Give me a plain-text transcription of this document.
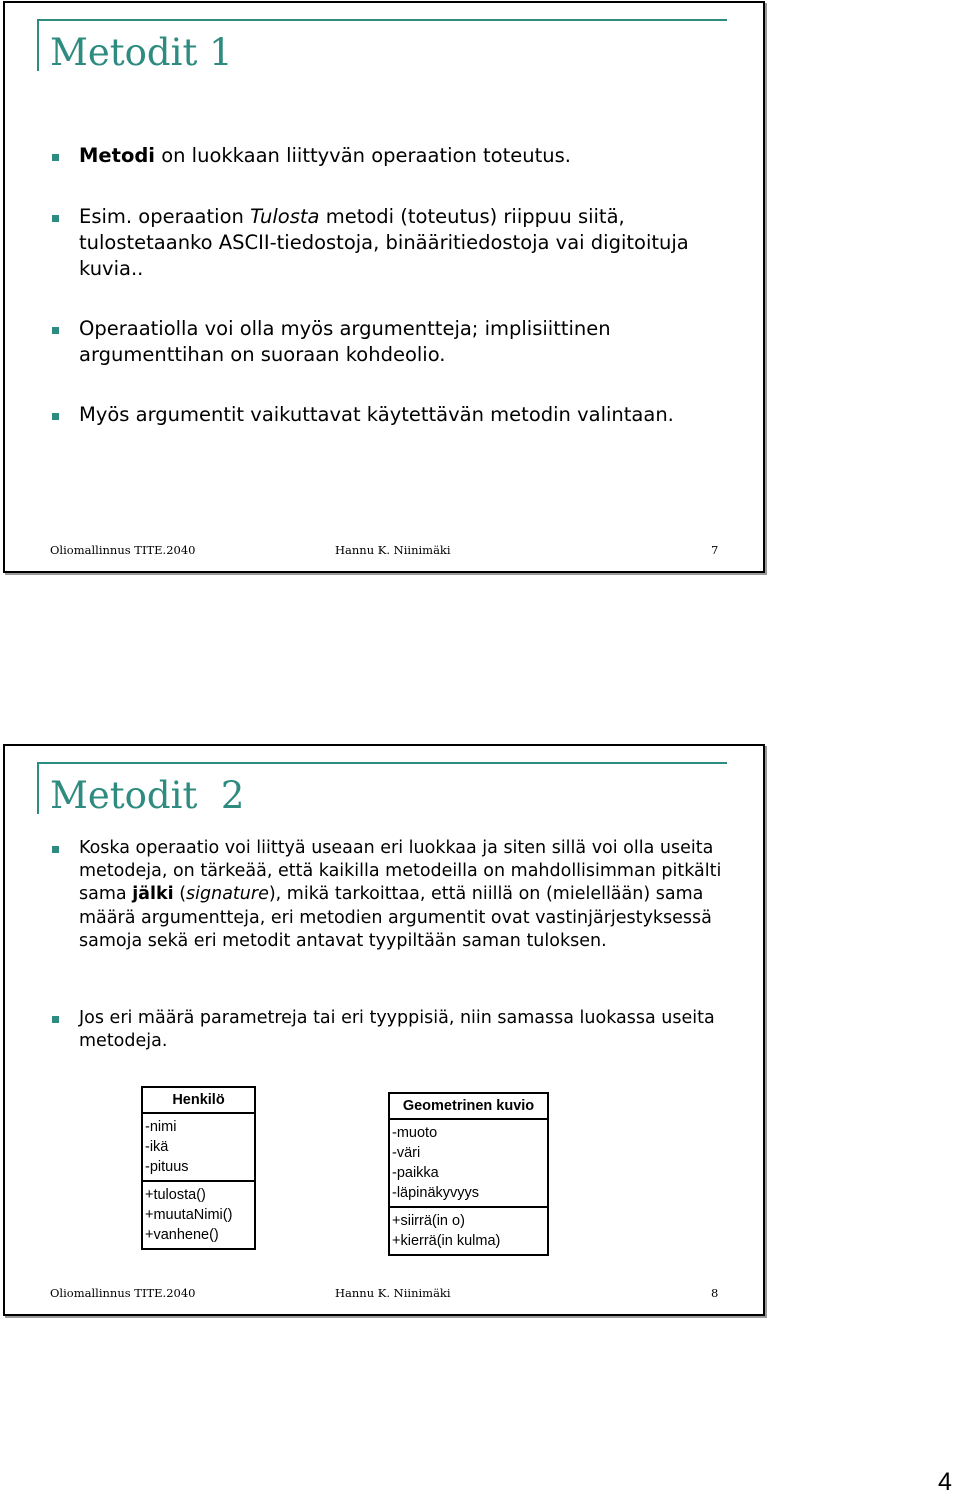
Metodit 1
Metodi on luokkaan liittyvän operaation toteutus.
Esim. operaation Tulosta metodi (toteutus) riippuu siitä, tulostetaanko ASCII-tiedostoja, binääritiedostoja vai digitoituja kuvia..
Operaatiolla voi olla myös argumentteja; implisiittinen argumenttihan on suoraan kohdeolio.
Myös argumentit vaikuttavat käytettävän metodin valintaan.
Oliomallinnus TITE.2040	Hannu K. Niinimäki	7
Metodit  2
Koska operaatio voi liittyä useaan eri luokkaa ja siten sillä voi olla useita metodeja, on tärkeää, että kaikilla metodeilla on mahdollisimman pitkälti sama jälki (signature), mikä tarkoittaa, että niillä on (mielellään) sama määrä argumentteja, eri metodien argumentit ovat vastinjärjestyksessä samoja sekä eri metodit antavat tyypiltään saman tuloksen.
Jos eri määrä parametreja tai eri tyyppisiä, niin samassa luokassa useita metodeja.
Henkilö
-nimi
-ikä
-pituus
+tulosta()
+muutaNimi()
+vanhene()
Geometrinen kuvio
-muoto
-väri
-paikka
-läpinäkyvyys
+siirrä(in o)
+kierrä(in kulma)
Oliomallinnus TITE.2040	Hannu K. Niinimäki	8
4
